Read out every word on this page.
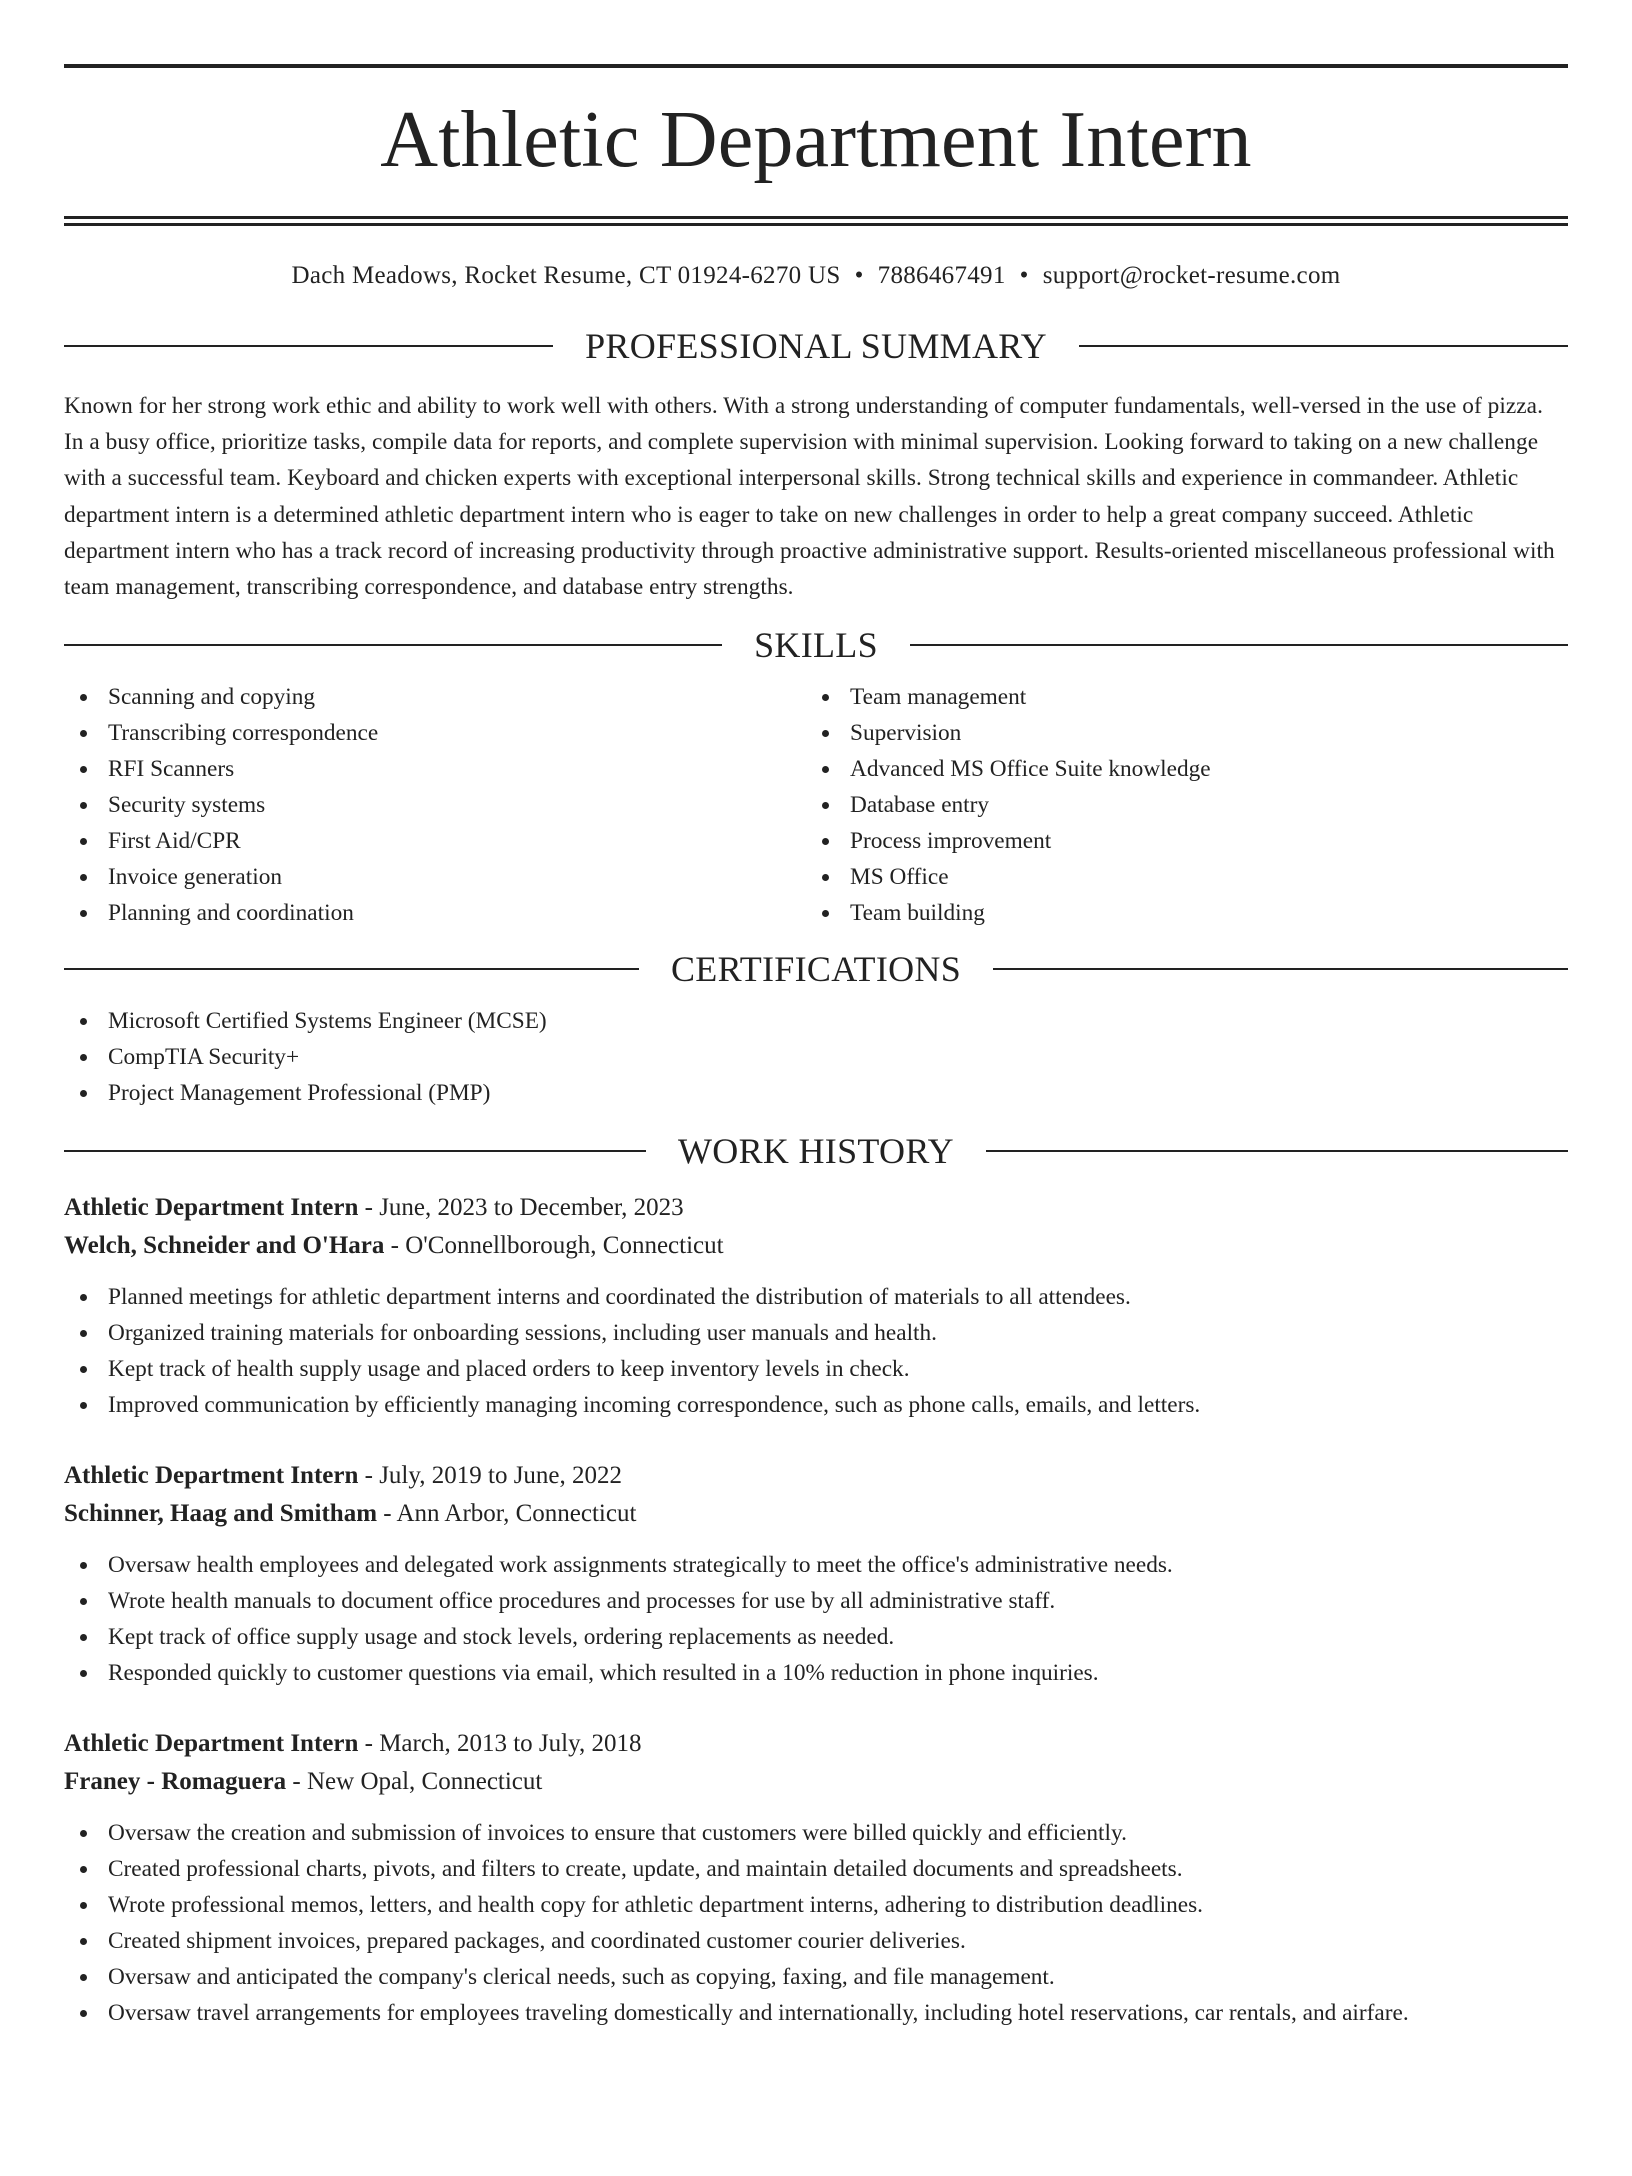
Athletic Department Intern
Dach Meadows, Rocket Resume, CT 01924-6270 US • 7886467491 • support@rocket-resume.com
PROFESSIONAL SUMMARY

Known for her strong work ethic and ability to work well with others. With a strong understanding of computer fundamentals, well-versed in the use of pizza. In a busy office, prioritize tasks, compile data for reports, and complete supervision with minimal supervision. Looking forward to taking on a new challenge with a successful team. Keyboard and chicken experts with exceptional interpersonal skills. Strong technical skills and experience in commandeer. Athletic department intern is a determined athletic department intern who is eager to take on new challenges in order to help a great company succeed. Athletic department intern who has a track record of increasing productivity through proactive administrative support. Results-oriented miscellaneous professional with team management, transcribing correspondence, and database entry strengths.

SKILLS
Scanning and copying
Transcribing correspondence
RFI Scanners
Security systems
First Aid/CPR
Invoice generation
Planning and coordination
Team management
Supervision
Advanced MS Office Suite knowledge
Database entry
Process improvement
MS Office
Team building
CERTIFICATIONS
Microsoft Certified Systems Engineer (MCSE)
CompTIA Security+
Project Management Professional (PMP)
WORK HISTORY
Athletic Department Intern - June, 2023 to December, 2023
Welch, Schneider and O'Hara - O'Connellborough, Connecticut
Planned meetings for athletic department interns and coordinated the distribution of materials to all attendees.
Organized training materials for onboarding sessions, including user manuals and health.
Kept track of health supply usage and placed orders to keep inventory levels in check.
Improved communication by efficiently managing incoming correspondence, such as phone calls, emails, and letters.
Athletic Department Intern - July, 2019 to June, 2022
Schinner, Haag and Smitham - Ann Arbor, Connecticut
Oversaw health employees and delegated work assignments strategically to meet the office's administrative needs.
Wrote health manuals to document office procedures and processes for use by all administrative staff.
Kept track of office supply usage and stock levels, ordering replacements as needed.
Responded quickly to customer questions via email, which resulted in a 10% reduction in phone inquiries.
Athletic Department Intern - March, 2013 to July, 2018
Franey - Romaguera - New Opal, Connecticut
Oversaw the creation and submission of invoices to ensure that customers were billed quickly and efficiently.
Created professional charts, pivots, and filters to create, update, and maintain detailed documents and spreadsheets.
Wrote professional memos, letters, and health copy for athletic department interns, adhering to distribution deadlines.
Created shipment invoices, prepared packages, and coordinated customer courier deliveries.
Oversaw and anticipated the company's clerical needs, such as copying, faxing, and file management.
Oversaw travel arrangements for employees traveling domestically and internationally, including hotel reservations, car rentals, and airfare.
